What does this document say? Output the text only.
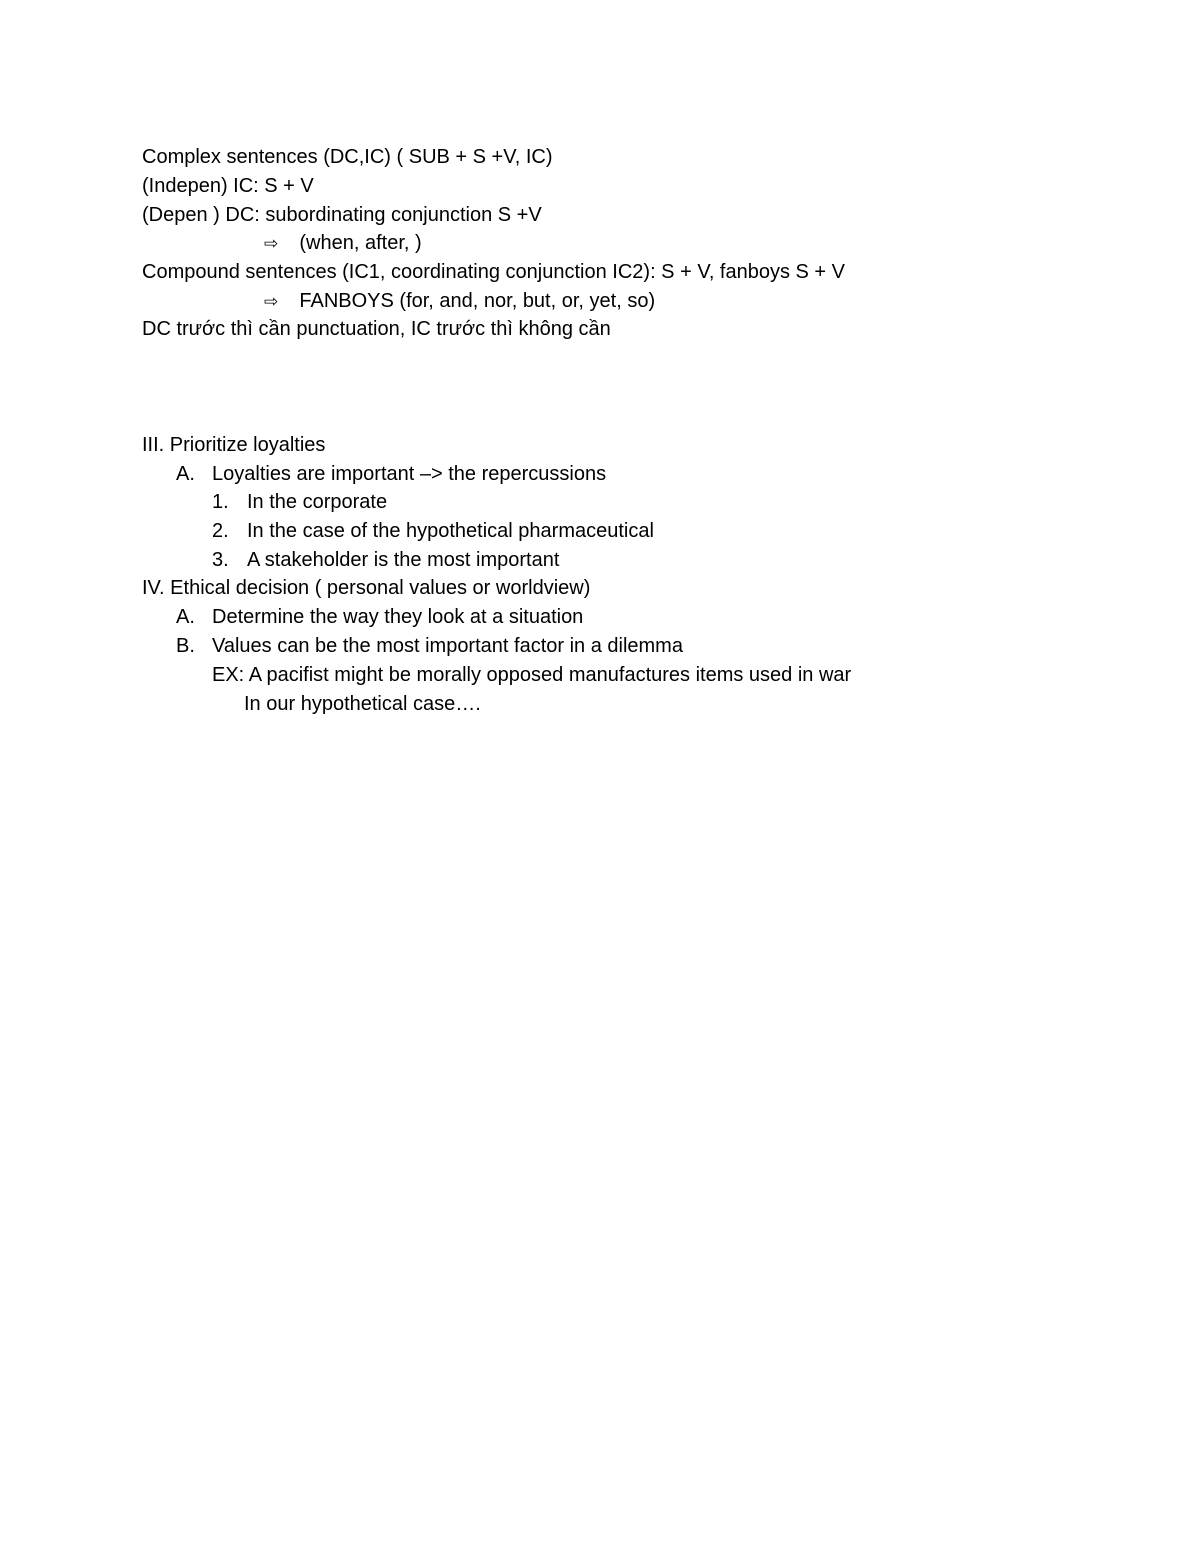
Complex sentences (DC,IC) ( SUB + S +V, IC)
(Indepen) IC: S + V
(Depen ) DC: subordinating conjunction S +V
⇨ (when, after, )
Compound sentences (IC1, coordinating conjunction IC2): S + V, fanboys S + V
⇨ FANBOYS (for, and, nor, but, or, yet, so)
DC trước thì cần punctuation, IC trước thì không cần
III. Prioritize loyalties
A. Loyalties are important –> the repercussions
1. In the corporate
2. In the case of the hypothetical pharmaceutical
3. A stakeholder is the most important
IV. Ethical decision ( personal values or worldview)
A. Determine the way they look at a situation
B. Values can be the most important factor in a dilemma
EX: A pacifist might be morally opposed manufactures items used in war
In our hypothetical case….
